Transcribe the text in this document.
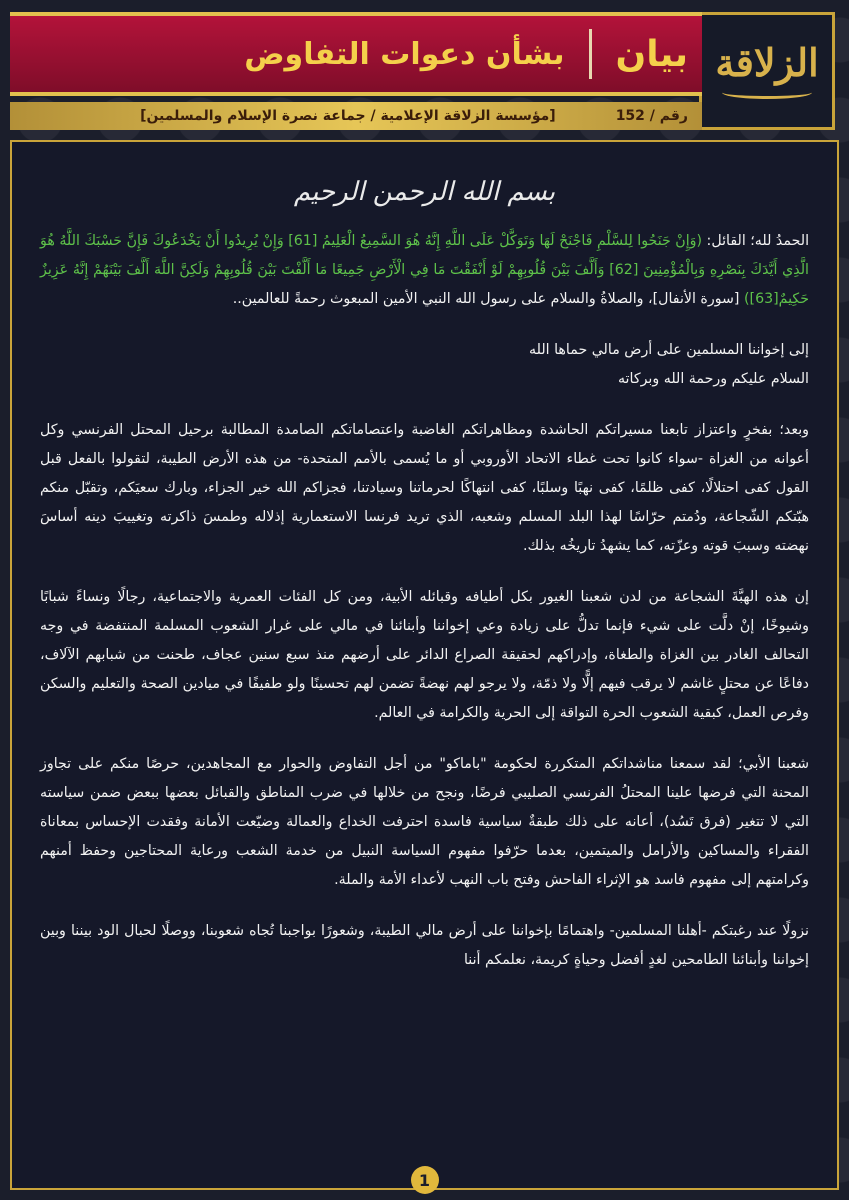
الزلاقة
بيان
بشأن دعوات التفاوض
رقم / 152
[مؤسسة الزلاقة الإعلامية / جماعة نصرة الإسلام والمسلمين]
بسم الله الرحمن الرحيم

الحمدُ لله؛ القائل: (وَإِنْ جَنَحُوا لِلسَّلْمِ فَاجْنَحْ لَهَا وَتَوَكَّلْ عَلَى اللَّهِ إِنَّهُ هُوَ السَّمِيعُ الْعَلِيمُ [61] وَإِنْ يُرِيدُوا أَنْ يَخْدَعُوكَ فَإِنَّ حَسْبَكَ اللَّهُ هُوَ الَّذِي أَيَّدَكَ بِنَصْرِهِ وَبِالْمُؤْمِنِينَ [62] وَأَلَّفَ بَيْنَ قُلُوبِهِمْ لَوْ أَنْفَقْتَ مَا فِي الْأَرْضِ جَمِيعًا مَا أَلَّفْتَ بَيْنَ قُلُوبِهِمْ وَلَكِنَّ اللَّهَ أَلَّفَ بَيْنَهُمْ إِنَّهُ عَزِيزٌ حَكِيمٌ[63]) [سورة الأنفال]، والصلاةُ والسلام على رسول الله النبي الأمين المبعوث رحمةً للعالمين..

إلى إخواننا المسلمين على أرض مالي حماها الله

السلام عليكم ورحمة الله وبركاته

وبعد؛ بفخرٍ واعتزاز تابعنا مسيراتكم الحاشدة ومظاهراتكم الغاضبة واعتصاماتكم الصامدة المطالبة برحيل المحتل الفرنسي وكل أعوانه من الغزاة -سواء كانوا تحت غطاء الاتحاد الأوروبي أو ما يُسمى بالأمم المتحدة- من هذه الأرض الطيبة، لتقولوا بالفعل قبل القول كفى احتلالًا، كفى ظلمًا، كفى نهبًا وسلبًا، كفى انتهاكًا لحرماتنا وسيادتنا، فجزاكم الله خير الجزاء، وبارك سعيَكم، وتقبّل منكم هبّتكم الشّجاعة، ودُمتم حرّاسًا لهذا البلد المسلم وشعبه، الذي تريد فرنسا الاستعمارية إذلاله وطمسَ ذاكرته وتغييبَ دينه أساسَ نهضته وسببَ قوته وعزّته، كما يشهدُ تاريخُه بذلك.

إن هذه الهبَّةَ الشجاعة من لدن شعبنا الغيور بكل أطيافه وقبائله الأبية، ومن كل الفئات العمرية والاجتماعية، رجالًا ونساءً شبابًا وشيوخًا، إنْ دلَّت على شيء فإنما تدلُّ على زيادة وعي إخواننا وأبنائنا في مالي على غرار الشعوب المسلمة المنتفضة في وجه التحالف الغادر بين الغزاة والطغاة، وإدراكهم لحقيقة الصراع الدائر على أرضهم منذ سبع سنين عجاف، طحنت من شبابهم الآلاف، دفاعًا عن محتلٍ غاشم لا يرقب فيهم إلًّا ولا ذمّة، ولا يرجو لهم نهضةً تضمن لهم تحسينًا ولو طفيفًا في ميادين الصحة والتعليم والسكن وفرص العمل، كبقية الشعوب الحرة التواقة إلى الحرية والكرامة في العالم.

شعبنا الأبي؛ لقد سمعنا مناشداتكم المتكررة لحكومة "باماكو" من أجل التفاوض والحوار مع المجاهدين، حرصًا منكم على تجاوز المحنة التي فرضها علينا المحتلُ الفرنسي الصليبي فرضًا، ونجح من خلالها في ضرب المناطق والقبائل بعضها ببعض ضمن سياسته التي لا تتغير (فرق تَسُد)، أعانه على ذلك طبقةٌ سياسية فاسدة احترفت الخداع والعمالة وضيّعت الأمانة وفقدت الإحساس بمعاناة الفقراء والمساكين والأرامل والميتمين، بعدما حرّفوا مفهوم السياسة النبيل من خدمة الشعب ورعاية المحتاجين وحفظ أمنهم وكرامتهم إلى مفهوم فاسد هو الإثراء الفاحش وفتح باب النهب لأعداء الأمة والملة.

نزولًا عند رغبتكم -أهلنا المسلمين- واهتمامًا بإخواننا على أرض مالي الطيبة، وشعورًا بواجبنا تُجاه شعوبنا، ووصلًا لحبال الود بيننا وبين إخواننا وأبنائنا الطامحين لغدٍ أفضل وحياةٍ كريمة، نعلمكم أننا

1
